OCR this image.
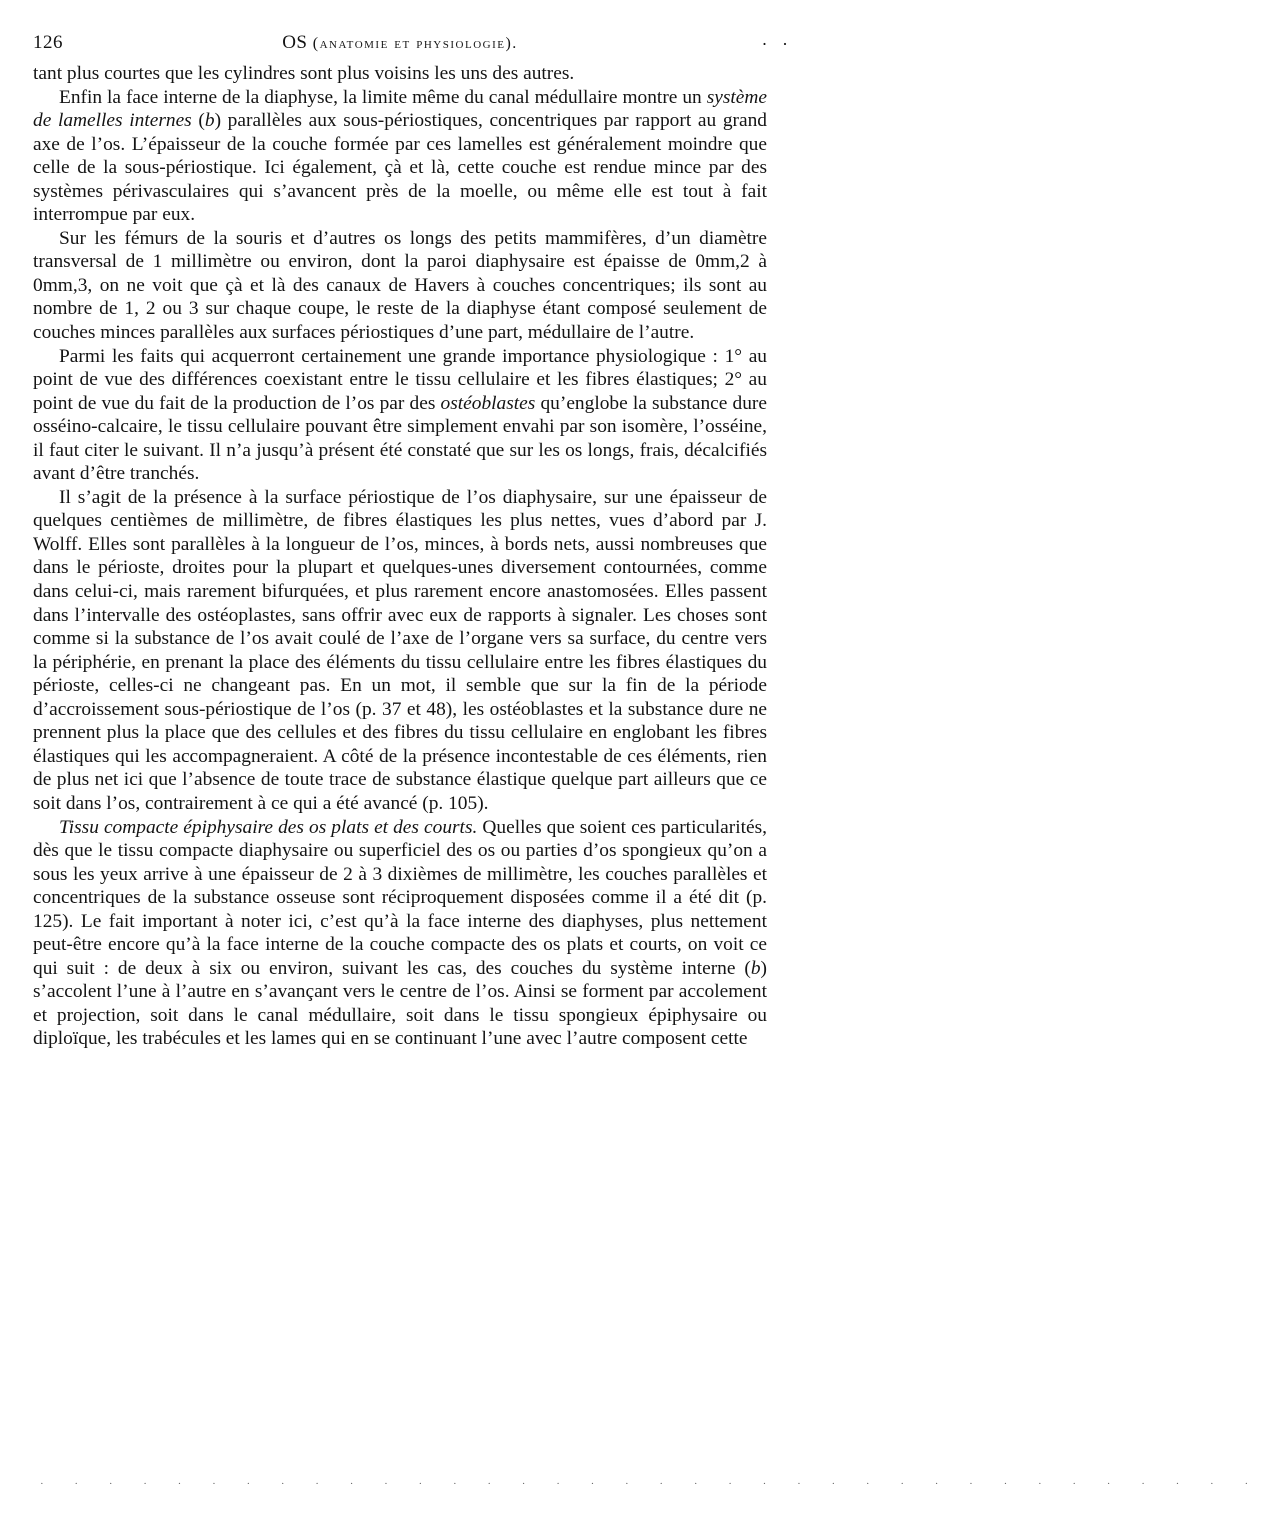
126	OS (anatomie et physiologie).	· ·

tant plus courtes que les cylindres sont plus voisins les uns des autres.

Enfin la face interne de la diaphyse, la limite même du canal médullaire montre un système de lamelles internes (b) parallèles aux sous-périostiques, concentriques par rapport au grand axe de l’os. L’épaisseur de la couche formée par ces lamelles est généralement moindre que celle de la sous-périostique. Ici également, çà et là, cette couche est rendue mince par des systèmes périvasculaires qui s’avancent près de la moelle, ou même elle est tout à fait interrompue par eux.

Sur les fémurs de la souris et d’autres os longs des petits mammifères, d’un diamètre transversal de 1 millimètre ou environ, dont la paroi diaphysaire est épaisse de 0mm,2 à 0mm,3, on ne voit que çà et là des canaux de Havers à couches concentriques; ils sont au nombre de 1, 2 ou 3 sur chaque coupe, le reste de la diaphyse étant composé seulement de couches minces parallèles aux surfaces périostiques d’une part, médullaire de l’autre.

Parmi les faits qui acquerront certainement une grande importance physiologique : 1° au point de vue des différences coexistant entre le tissu cellulaire et les fibres élastiques; 2° au point de vue du fait de la production de l’os par des ostéoblastes qu’englobe la substance dure osséino-calcaire, le tissu cellulaire pouvant être simplement envahi par son isomère, l’osséine, il faut citer le suivant. Il n’a jusqu’à présent été constaté que sur les os longs, frais, décalcifiés avant d’être tranchés.

Il s’agit de la présence à la surface périostique de l’os diaphysaire, sur une épaisseur de quelques centièmes de millimètre, de fibres élastiques les plus nettes, vues d’abord par J. Wolff. Elles sont parallèles à la longueur de l’os, minces, à bords nets, aussi nombreuses que dans le périoste, droites pour la plupart et quelques-unes diversement contournées, comme dans celui-ci, mais rarement bifurquées, et plus rarement encore anastomosées. Elles passent dans l’intervalle des ostéoplastes, sans offrir avec eux de rapports à signaler. Les choses sont comme si la substance de l’os avait coulé de l’axe de l’organe vers sa surface, du centre vers la périphérie, en prenant la place des éléments du tissu cellulaire entre les fibres élastiques du périoste, celles-ci ne changeant pas. En un mot, il semble que sur la fin de la période d’accroissement sous-périostique de l’os (p. 37 et 48), les ostéoblastes et la substance dure ne prennent plus la place que des cellules et des fibres du tissu cellulaire en englobant les fibres élastiques qui les accompagneraient. A côté de la présence incontestable de ces éléments, rien de plus net ici que l’absence de toute trace de substance élastique quelque part ailleurs que ce soit dans l’os, contrairement à ce qui a été avancé (p. 105).

Tissu compacte épiphysaire des os plats et des courts. Quelles que soient ces particularités, dès que le tissu compacte diaphysaire ou superficiel des os ou parties d’os spongieux qu’on a sous les yeux arrive à une épaisseur de 2 à 3 dixièmes de millimètre, les couches parallèles et concentriques de la substance osseuse sont réciproquement disposées comme il a été dit (p. 125). Le fait important à noter ici, c’est qu’à la face interne des diaphyses, plus nettement peut-être encore qu’à la face interne de la couche compacte des os plats et courts, on voit ce qui suit : de deux à six ou environ, suivant les cas, des couches du système interne (b) s’accolent l’une à l’autre en s’avançant vers le centre de l’os. Ainsi se forment par accolement et projection, soit dans le canal médullaire, soit dans le tissu spongieux épiphysaire ou diploïque, les trabécules et les lames qui en se continuant l’une avec l’autre composent cette

· · · · · · · · · · · · · · · · · · · · · · · · · · · · · · · · · · · ·
